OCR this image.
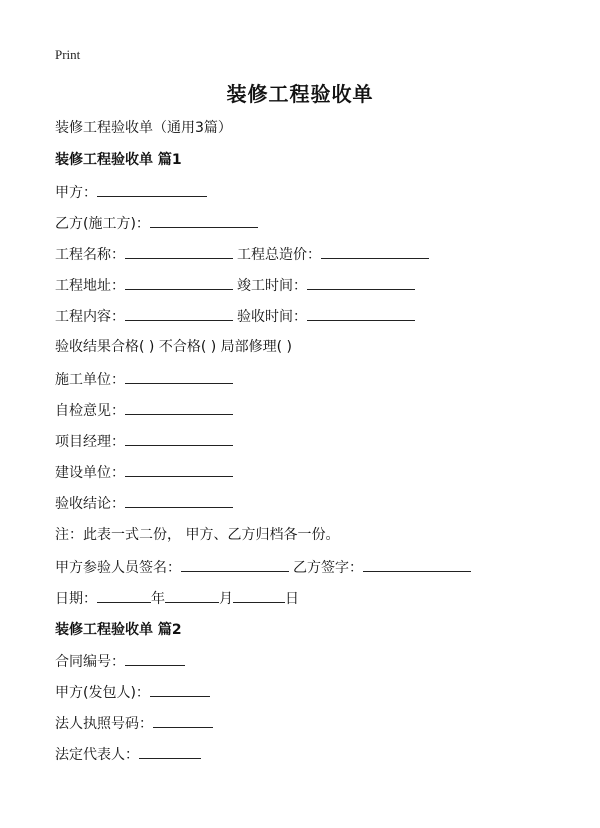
Print
装修工程验收单
装修工程验收单（通用3篇）
装修工程验收单 篇1
甲方：
乙方(施工方)：
工程名称：	工程总造价：
工程地址：	竣工时间：
工程内容：	验收时间：
验收结果合格( ) 不合格( ) 局部修理( )
施工单位：
自检意见：
项目经理：
建设单位：
验收结论：
注：此表一式二份， 甲方、乙方归档各一份。
甲方参验人员签名：	乙方签字：
日期：	年	月	日
装修工程验收单 篇2
合同编号：
甲方(发包人)：
法人执照号码：
法定代表人：
